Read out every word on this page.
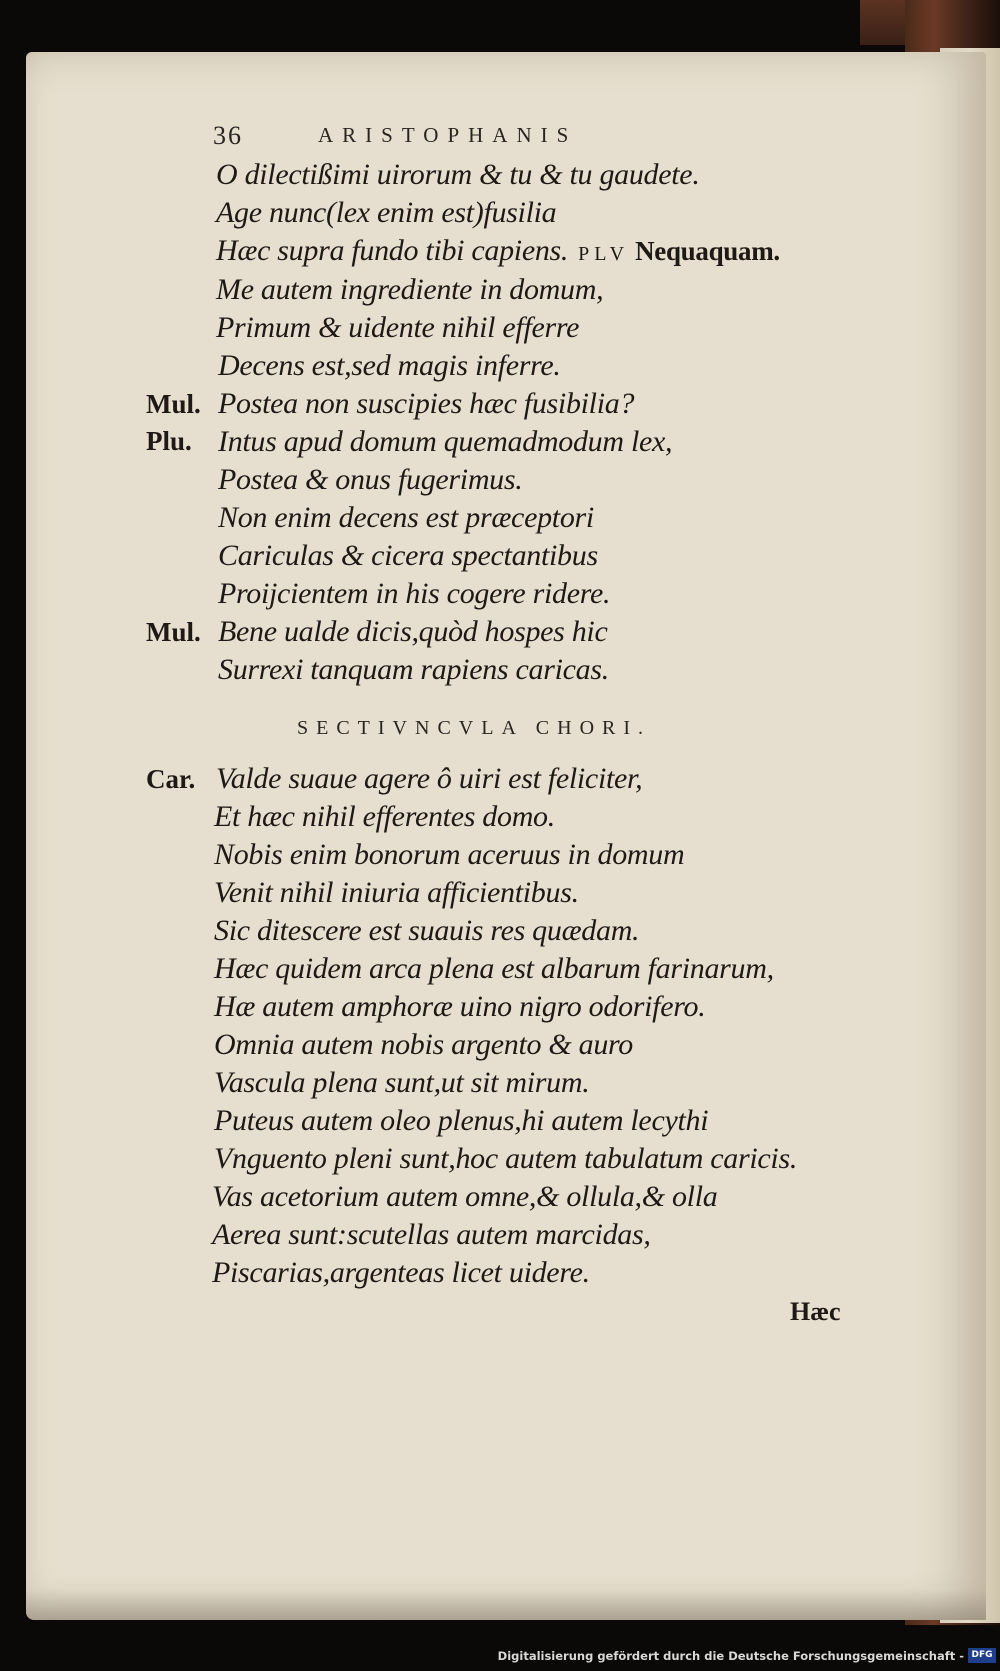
36	ARISTOPHANIS
O dilectißimi uirorum & tu & tu gaudete.
Age nunc(lex enim est)fusilia
Hæc supra fundo tibi capiens. PLV Nequaquam.
Me autem ingrediente in domum,
Primum & uidente nihil efferre
Decens est,sed magis inferre.
Mul. Postea non suscipies hæc fusibilia?
Plu. Intus apud domum quemadmodum lex,
Postea & onus fugerimus.
Non enim decens est præceptori
Cariculas & cicera spectantibus
Proijcientem in his cogere ridere.
Mul. Bene ualde dicis,quòd hospes hic
Surrexi tanquam rapiens caricas.
SECTIVNCVLA CHORI.
Car. Valde suaue agere ô uiri est feliciter,
Et hæc nihil efferentes domo.
Nobis enim bonorum aceruus in domum
Venit nihil iniuria afficientibus.
Sic ditescere est suauis res quædam.
Hæc quidem arca plena est albarum farinarum,
Hæ autem amphoræ uino nigro odorifero.
Omnia autem nobis argento & auro
Vascula plena sunt,ut sit mirum.
Puteus autem oleo plenus,hi autem lecythi
Vnguento pleni sunt,hoc autem tabulatum caricis.
Vas acetorium autem omne,& ollula,& olla
Aerea sunt:scutellas autem marcidas,
Piscarias,argenteas licet uidere.
Hæc
Digitalisierung gefördert durch die Deutsche Forschungsgemeinschaft - DFG
